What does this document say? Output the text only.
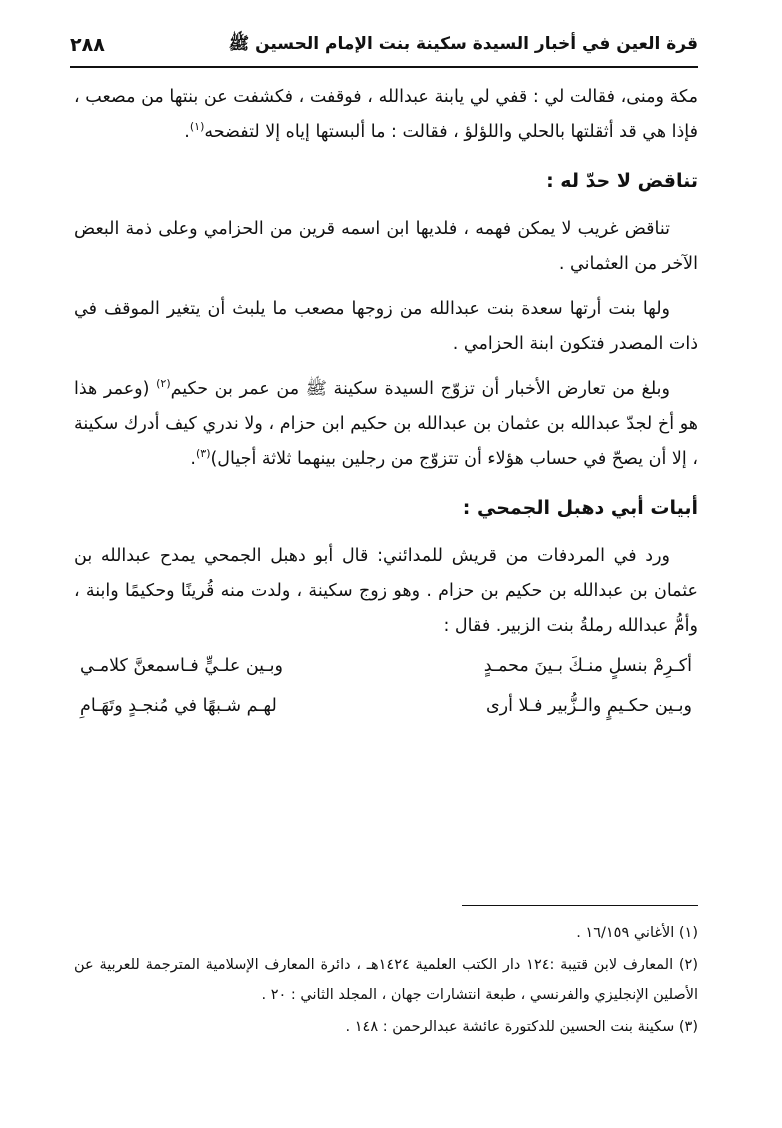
قرة العين في أخبار السيدة سكينة بنت الإمام الحسين ﷺ
٢٨٨

مكة ومنى، فقالت لي : قفي لي يابنة عبدالله ، فوقفت ، فكشفت عن بنتها من مصعب ، فإذا هي قد أثقلتها بالحلي واللؤلؤ ، فقالت : ما ألبستها إياه إلا لتفضحه$^{(١)}$.

تناقض لا حدّ له :

تناقض غريب لا يمكن فهمه ، فلديها ابن اسمه قرين من الحزامي وعلى ذمة البعض الآخر من العثماني .

ولها بنت أرتها سعدة بنت عبدالله من زوجها مصعب ما يلبث أن يتغير الموقف في ذات المصدر فتكون ابنة الحزامي .

وبلغ من تعارض الأخبار أن تزوّج السيدة سكينة ﷺ من عمر بن حكيم$^{(٢)}$ (وعمر هذا هو أخ لجدّ عبدالله بن عثمان بن عبدالله بن حكيم ابن حزام ، ولا ندري كيف أدرك سكينة ، إلا أن يصحّ في حساب هؤلاء أن تتزوّج من رجلين بينهما ثلاثة أجيال)$^{(٣)}$.

أبيات أبي دهبل الجمحي :

ورد في المردفات من قريش للمدائني: قال أبو دهبل الجمحي يمدح عبدالله بن عثمان بن عبدالله بن حكيم بن حزام . وهو زوج سكينة ، ولدت منه قُرينًا وحكيمًا وابنة ، وأمُّ عبدالله رملةُ بنت الزبير. فقال :

أكـرِمْ بنسلٍ منـكَ بـينَ محمـدٍ
وبـين علـيٍّ فـاسمعنَّ كلامـي
وبـين حكـيمٍ والـزُّبير فـلا أرى
لهـم شـبهًا في مُنجـدٍ وتَهَـامِ

(١) الأغاني ١٦/١٥٩ .

(٢) المعارف لابن قتيبة :١٢٤ دار الكتب العلمية ١٤٢٤هـ ، دائرة المعارف الإسلامية المترجمة للعربية عن الأصلين الإنجليزي والفرنسي ، طبعة انتشارات جهان ، المجلد الثاني : ٢٠ .

(٣) سكينة بنت الحسين للدكتورة عائشة عبدالرحمن : ١٤٨ .
